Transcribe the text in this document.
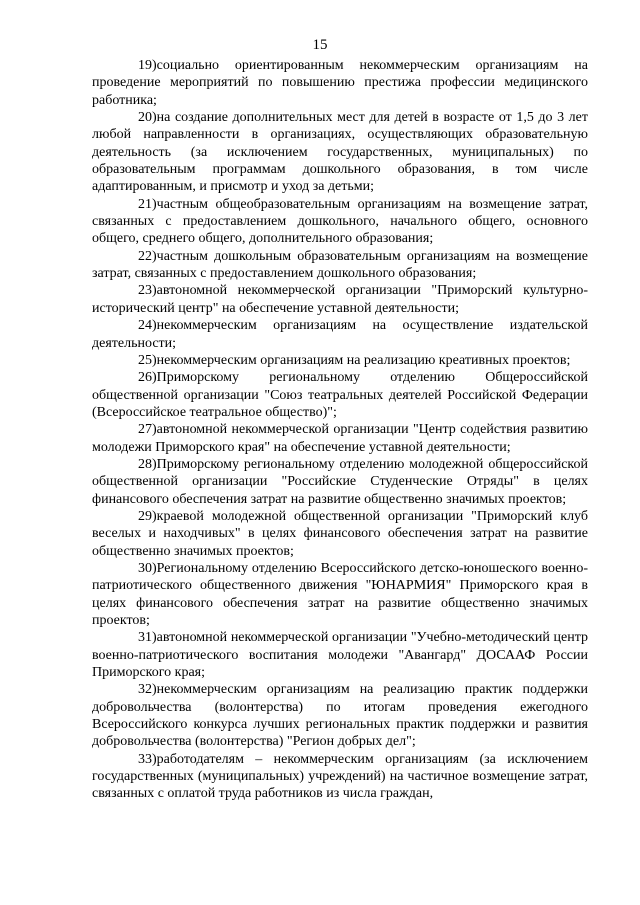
15

19)социально ориентированным некоммерческим организациям на проведение мероприятий по повышению престижа профессии медицинского работника;

20)на создание дополнительных мест для детей в возрасте от 1,5 до 3 лет любой направленности в организациях, осуществляющих образовательную деятельность (за исключением государственных, муниципальных) по образовательным программам дошкольного образования, в том числе адаптированным, и присмотр и уход за детьми;

21)частным общеобразовательным организациям на возмещение затрат, связанных с предоставлением дошкольного, начального общего, основного общего, среднего общего, дополнительного образования;

22)частным дошкольным образовательным организациям на возмещение затрат, связанных с предоставлением дошкольного образования;

23)автономной некоммерческой организации "Приморский культурно-исторический центр" на обеспечение уставной деятельности;

24)некоммерческим организациям на осуществление издательской деятельности;

25)некоммерческим организациям на реализацию креативных проектов;

26)Приморскому региональному отделению Общероссийской общественной организации "Союз театральных деятелей Российской Федерации (Всероссийское театральное общество)";

27)автономной некоммерческой организации "Центр содействия развитию молодежи Приморского края" на обеспечение уставной деятельности;

28)Приморскому региональному отделению молодежной общероссийской общественной организации "Российские Студенческие Отряды" в целях финансового обеспечения затрат на развитие общественно значимых проектов;

29)краевой молодежной общественной организации "Приморский клуб веселых и находчивых" в целях финансового обеспечения затрат на развитие общественно значимых проектов;

30)Региональному отделению Всероссийского детско-юношеского военно-патриотического общественного движения "ЮНАРМИЯ" Приморского края в целях финансового обеспечения затрат на развитие общественно значимых проектов;

31)автономной некоммерческой организации "Учебно-методический центр военно-патриотического воспитания молодежи "Авангард" ДОСААФ России Приморского края;

32)некоммерческим организациям на реализацию практик поддержки добровольчества (волонтерства) по итогам проведения ежегодного Всероссийского конкурса лучших региональных практик поддержки и развития добровольчества (волонтерства) "Регион добрых дел";

33)работодателям – некоммерческим организациям (за исключением государственных (муниципальных) учреждений) на частичное возмещение затрат, связанных с оплатой труда работников из числа граждан,
